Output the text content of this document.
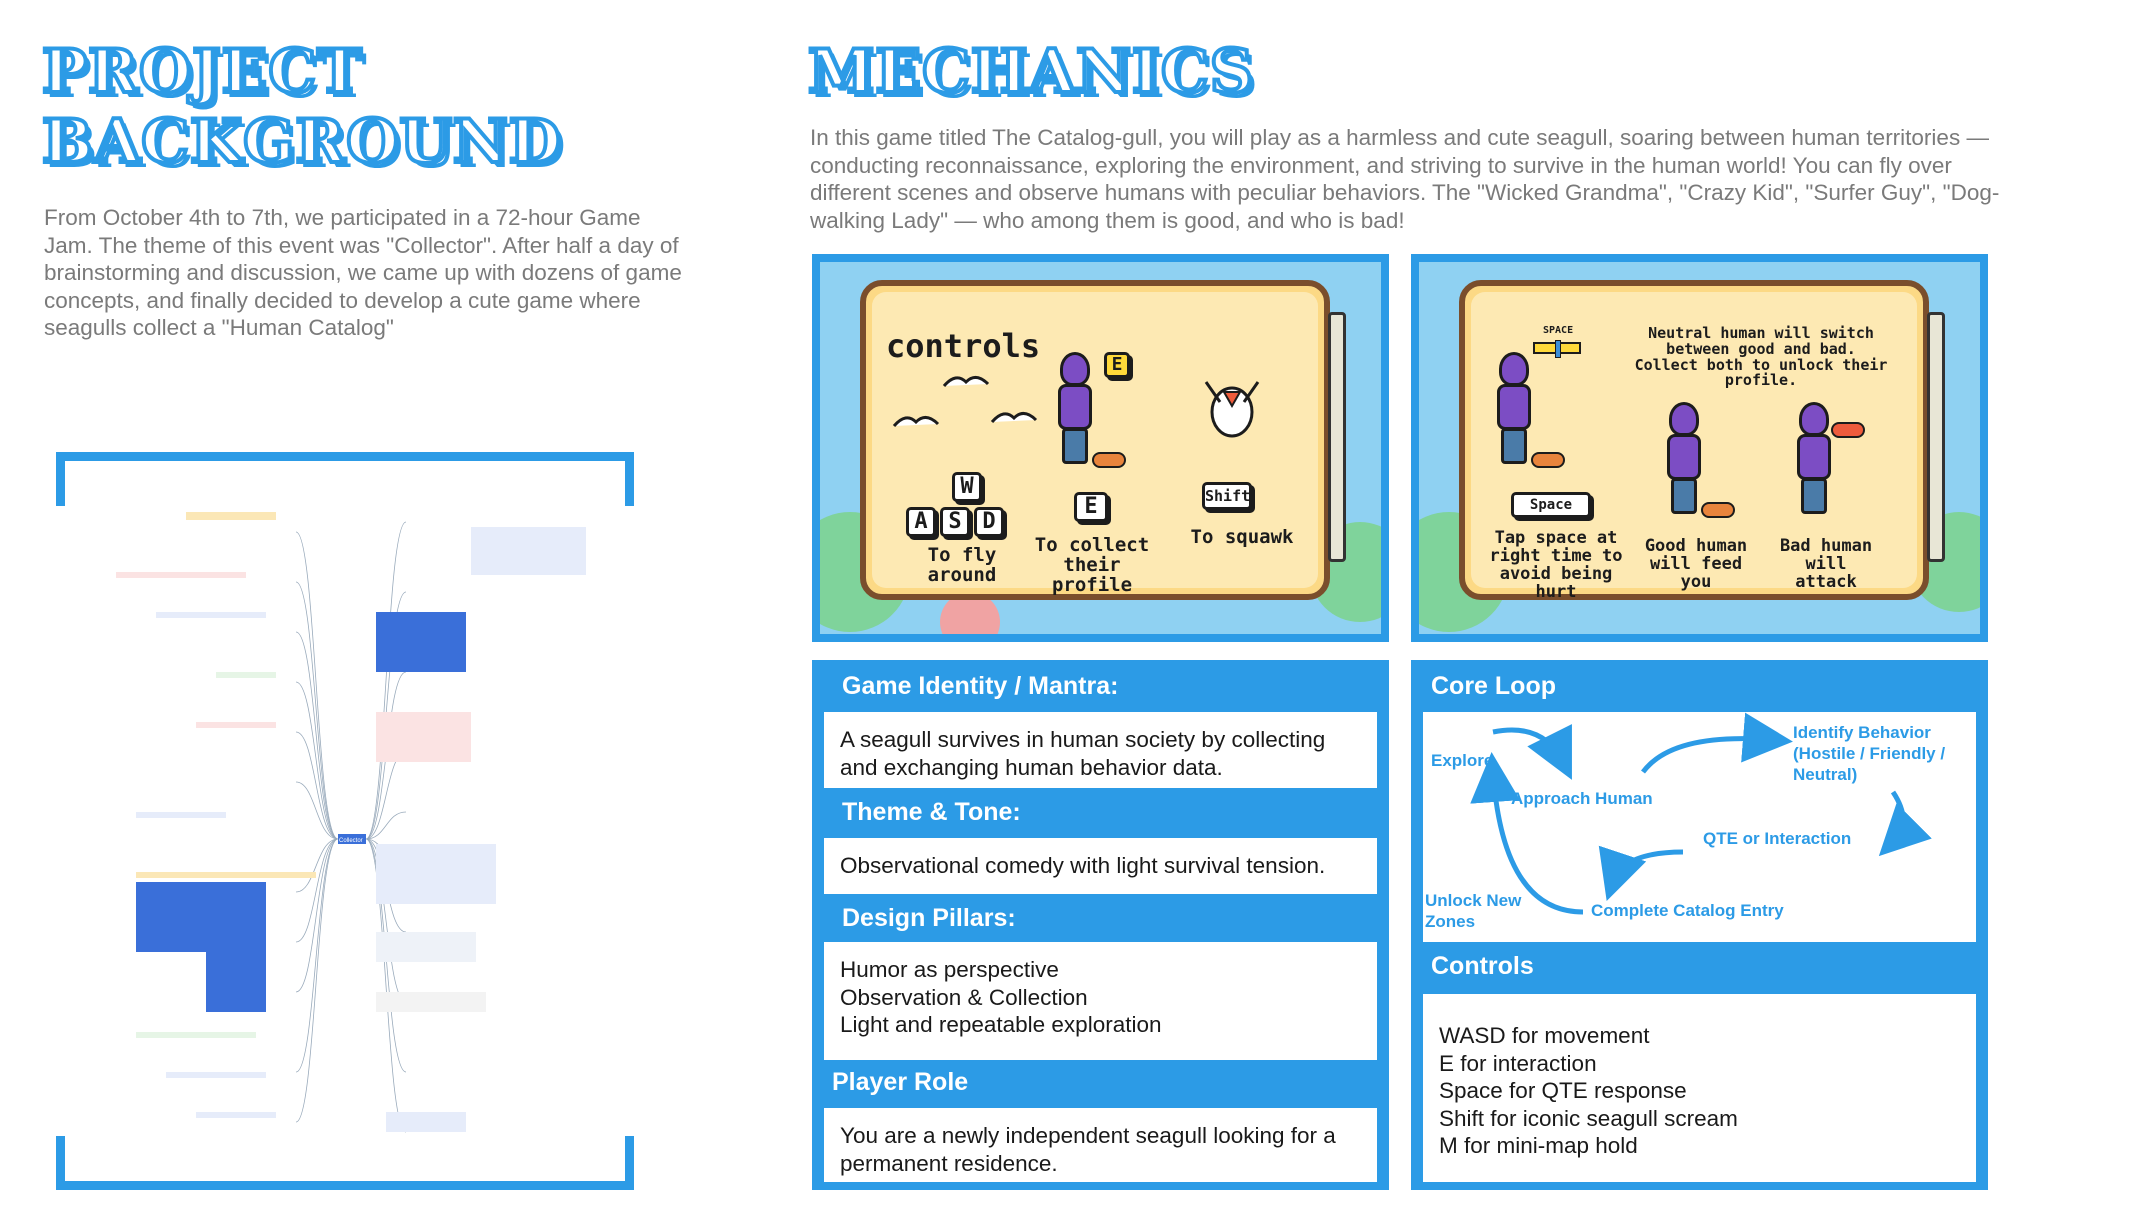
PROJECT
BACKGROUND
From October 4th to 7th, we participated in a 72-hour Game Jam. The theme of this event was "Collector". After half a day of brainstorming and discussion, we came up with dozens of game concepts, and finally decided to develop a cute game where seagulls collect a "Human Catalog"
Collector
MECHANICS
In this game titled The Catalog-gull, you will play as a harmless and cute seagull, soaring between human territories — conducting reconnaissance, exploring the environment, and striving to survive in the human world! You can fly over different scenes and observe humans with peculiar behaviors. The "Wicked Grandma", "Crazy Kid", "Surfer Guy", "Dog-walking Lady" — who among them is good, and who is bad!
controls
W
A S D
To fly around
E
E
To collect their profile
Shift
To squawk
SPACE	Neutral human will switch between good and bad. Collect both to unlock their profile.
Space
Tap space at right time to avoid being hurt
Good human will feed you
Bad human will attack
Game Identity / Mantra:
A seagull survives in human society by collecting and exchanging human behavior data.
Theme & Tone:
Observational comedy with light survival tension.
Design Pillars:
Humor as perspective
Observation & Collection
Light and repeatable exploration
Player Role
You are a newly independent seagull looking for a permanent residence.
Core Loop
Explore
Approach Human
Identify Behavior (Hostile / Friendly / Neutral)
QTE or Interaction
Complete Catalog Entry
Unlock New Zones
Controls
WASD for movement
E for interaction
Space for QTE response
Shift for iconic seagull scream
M for mini-map hold
